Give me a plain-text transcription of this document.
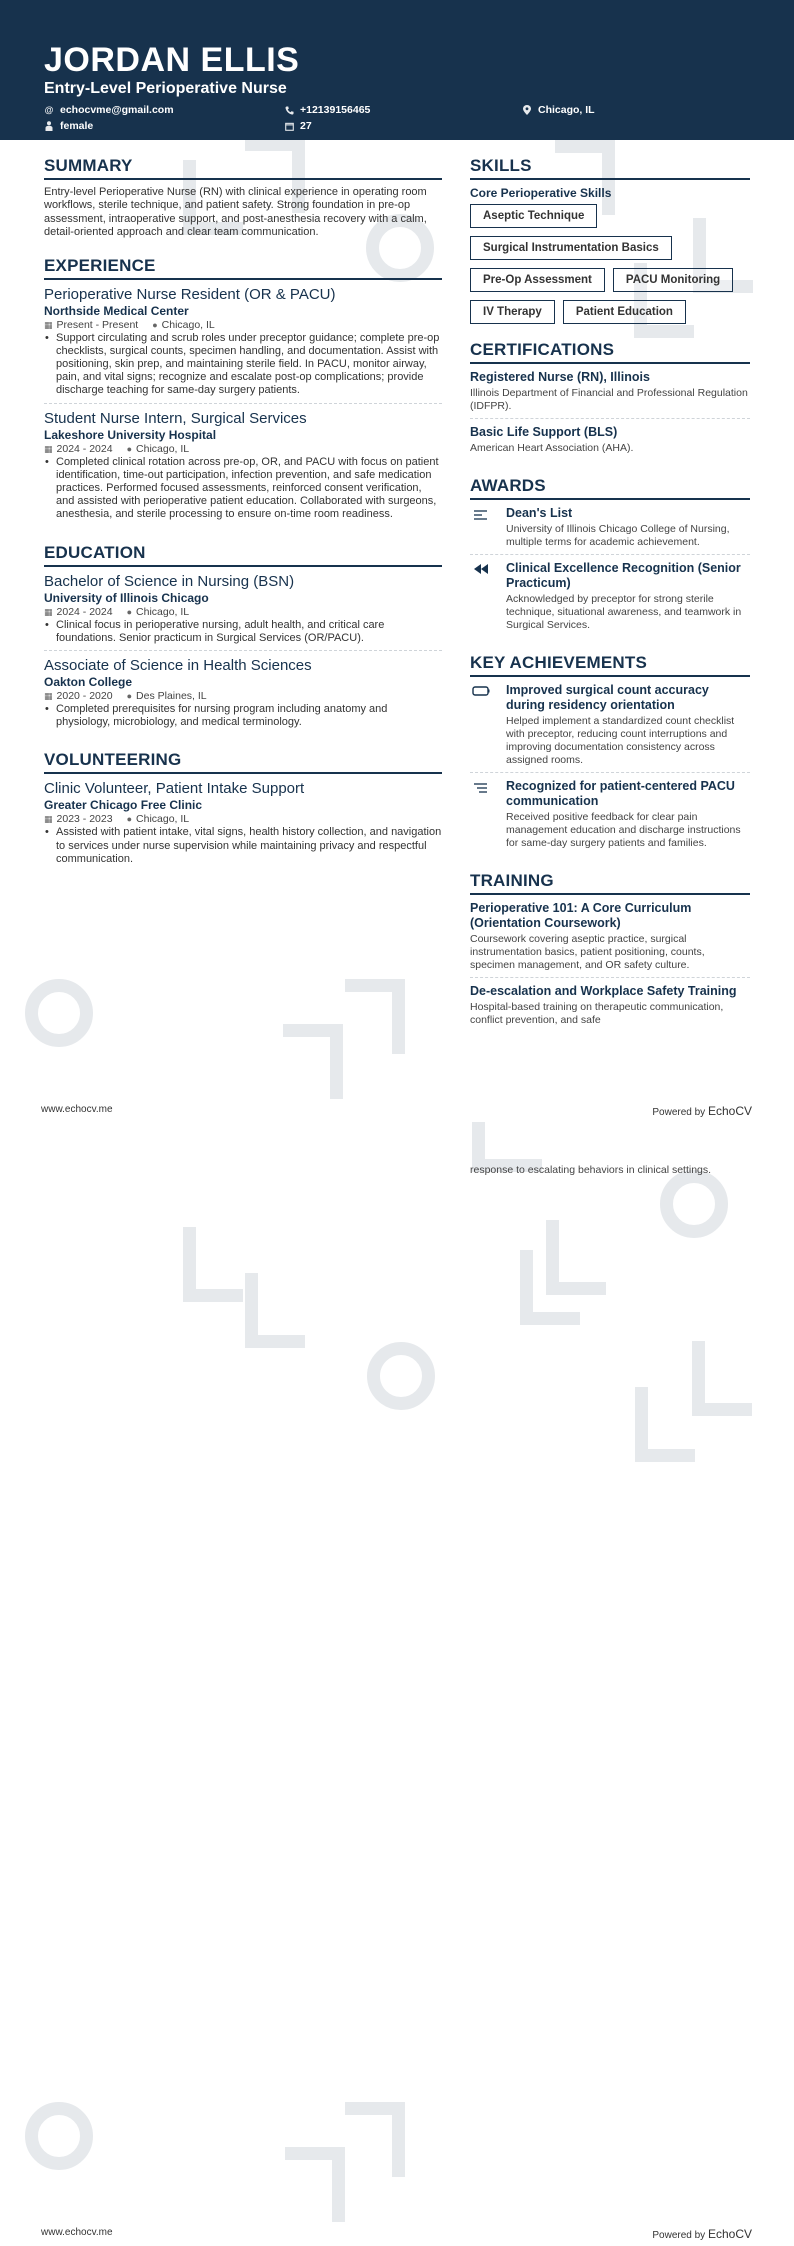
JORDAN ELLIS
Entry-Level Perioperative Nurse
@ echocvme@gmail.com	+12139156465	Chicago, IL
female	27
SUMMARY
Entry-level Perioperative Nurse (RN) with clinical experience in operating room workflows, sterile technique, and patient safety. Strong foundation in pre-op assessment, intraoperative support, and post-anesthesia recovery with a calm, detail-oriented approach and clear team communication.
EXPERIENCE
Perioperative Nurse Resident (OR & PACU)
Northside Medical Center
▦ Present - Present ● Chicago, IL
• Support circulating and scrub roles under preceptor guidance; complete pre-op checklists, surgical counts, specimen handling, and documentation. Assist with positioning, skin prep, and maintaining sterile field. In PACU, monitor airway, pain, and vital signs; recognize and escalate post-op complications; provide discharge teaching for same-day surgery patients.
Student Nurse Intern, Surgical Services
Lakeshore University Hospital
▦ 2024 - 2024 ● Chicago, IL
• Completed clinical rotation across pre-op, OR, and PACU with focus on patient identification, time-out participation, infection prevention, and safe medication practices. Performed focused assessments, reinforced consent verification, and assisted with perioperative patient education. Collaborated with surgeons, anesthesia, and sterile processing to ensure on-time room readiness.
EDUCATION
Bachelor of Science in Nursing (BSN)
University of Illinois Chicago
▦ 2024 - 2024 ● Chicago, IL
• Clinical focus in perioperative nursing, adult health, and critical care foundations. Senior practicum in Surgical Services (OR/PACU).
Associate of Science in Health Sciences
Oakton College
▦ 2020 - 2020 ● Des Plaines, IL
• Completed prerequisites for nursing program including anatomy and physiology, microbiology, and medical terminology.
VOLUNTEERING
Clinic Volunteer, Patient Intake Support
Greater Chicago Free Clinic
▦ 2023 - 2023 ● Chicago, IL
• Assisted with patient intake, vital signs, health history collection, and navigation to services under nurse supervision while maintaining privacy and respectful communication.
SKILLS
Core Perioperative Skills
Aseptic Technique
Surgical Instrumentation Basics
Pre-Op Assessment	PACU Monitoring
IV Therapy	Patient Education
CERTIFICATIONS
Registered Nurse (RN), Illinois
Illinois Department of Financial and Professional Regulation (IDFPR).
Basic Life Support (BLS)
American Heart Association (AHA).
AWARDS
Dean's List
University of Illinois Chicago College of Nursing, multiple terms for academic achievement.
Clinical Excellence Recognition (Senior Practicum)
Acknowledged by preceptor for strong sterile technique, situational awareness, and teamwork in Surgical Services.
KEY ACHIEVEMENTS
Improved surgical count accuracy during residency orientation
Helped implement a standardized count checklist with preceptor, reducing count interruptions and improving documentation consistency across assigned rooms.
Recognized for patient-centered PACU communication
Received positive feedback for clear pain management education and discharge instructions for same-day surgery patients and families.
TRAINING
Perioperative 101: A Core Curriculum (Orientation Coursework)
Coursework covering aseptic practice, surgical instrumentation basics, patient positioning, counts, specimen management, and OR safety culture.
De-escalation and Workplace Safety Training
Hospital-based training on therapeutic communication, conflict prevention, and safe
www.echocv.me	Powered by EchoCV
response to escalating behaviors in clinical settings.
www.echocv.me	Powered by EchoCV
